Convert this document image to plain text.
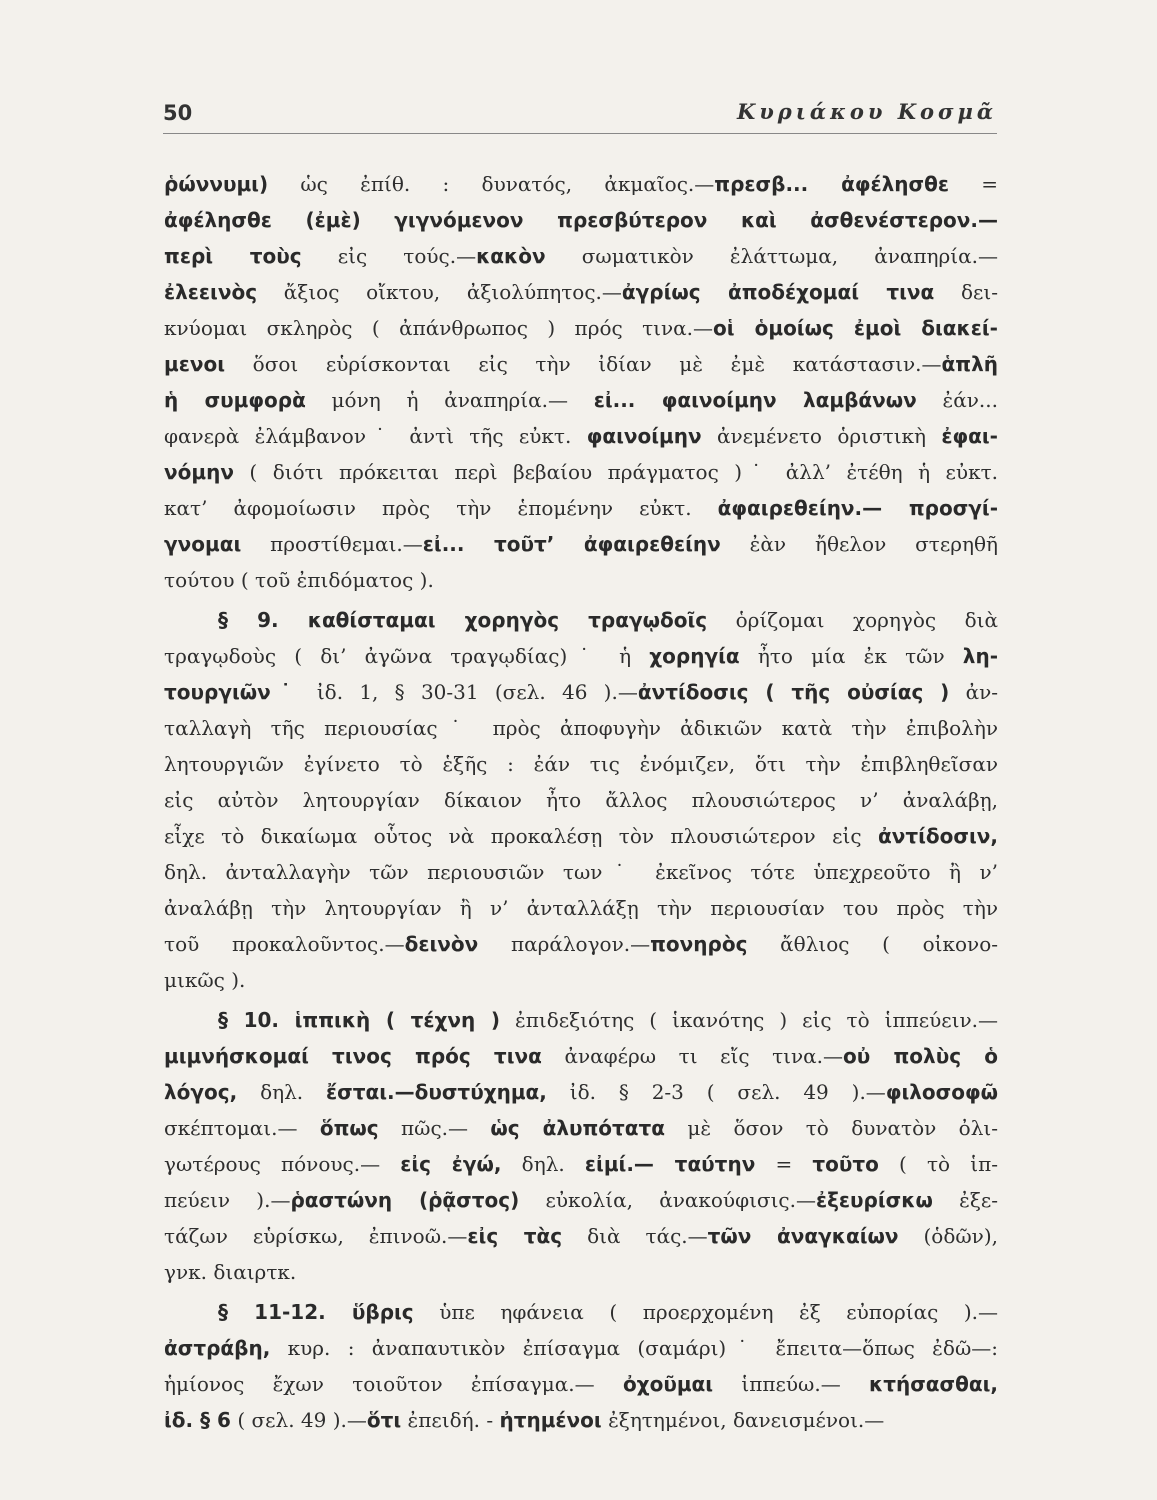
50	Κυριάκου Κοσμᾶ
ῥώννυμι) ὡς ἐπίθ. : δυνατός, ἀκμαῖος.—πρεσβ... ἀφέλησθε =
ἀφέλησθε (ἐμὲ) γιγνόμενον πρεσβύτερον καὶ ἀσθενέστερον.—
περὶ τοὺς εἰς τούς.—κακὸν σωματικὸν ἐλάττωμα, ἀναπηρία.—
ἐλεεινὸς ἄξιος οἴκτου, ἀξιολύπητος.—ἀγρίως ἀποδέχομαί τινα δει-
κνύομαι σκληρὸς ( ἀπάνθρωπος ) πρός τινα.—οἱ ὁμοίως ἐμοὶ διακεί-
μενοι ὅσοι εὑρίσκονται εἰς τὴν ἰδίαν μὲ ἐμὲ κατάστασιν.—ἁπλῆ
ἡ συμφορὰ μόνη ἡ ἀναπηρία.— εἰ... φαινοίμην λαμβάνων ἐάν...
φανερὰ ἐλάμβανον˙ ἀντὶ τῆς εὐκτ. φαινοίμην ἀνεμένετο ὁριστικὴ ἐφαι-
νόμην ( διότι πρόκειται περὶ βεβαίου πράγματος )˙ ἀλλ’ ἐτέθη ἡ εὐκτ.
κατ’ ἀφομοίωσιν πρὸς τὴν ἑπομένην εὐκτ. ἀφαιρεθείην.— προσγί-
γνομαι προστίθεμαι.—εἰ... τοῦτ’ ἀφαιρεθείην ἐὰν ἤθελον στερηθῆ
τούτου ( τοῦ ἐπιδόματος ).
§ 9. καθίσταμαι χορηγὸς τραγῳδοῖς ὁρίζομαι χορηγὸς διὰ
τραγῳδοὺς ( δι’ ἀγῶνα τραγῳδίας)˙ ἡ χορηγία ἦτο μία ἐκ τῶν λη-
τουργιῶν˙ ἰδ. 1, § 30-31 (σελ. 46 ).—ἀντίδοσις ( τῆς οὐσίας ) ἀν-
ταλλαγὴ τῆς περιουσίας˙ πρὸς ἀποφυγὴν ἀδικιῶν κατὰ τὴν ἐπιβολὴν
λητουργιῶν ἐγίνετο τὸ ἑξῆς : ἐάν τις ἐνόμιζεν, ὅτι τὴν ἐπιβληθεῖσαν
εἰς αὐτὸν λητουργίαν δίκαιον ἦτο ἄλλος πλουσιώτερος ν’ ἀναλάβῃ,
εἶχε τὸ δικαίωμα οὗτος νὰ προκαλέσῃ τὸν πλουσιώτερον εἰς ἀντίδοσιν,
δηλ. ἀνταλλαγὴν τῶν περιουσιῶν των˙ ἐκεῖνος τότε ὑπεχρεοῦτο ἢ ν’
ἀναλάβῃ τὴν λητουργίαν ἢ ν’ ἀνταλλάξῃ τὴν περιουσίαν του πρὸς τὴν
τοῦ προκαλοῦντος.—δεινὸν παράλογον.—πονηρὸς ἄθλιος ( οἰκονο-
μικῶς ).
§ 10. ἱππικὴ ( τέχνη ) ἐπιδεξιότης ( ἱκανότης ) εἰς τὸ ἱππεύειν.—
μιμνήσκομαί τινος πρός τινα ἀναφέρω τι εἴς τινα.—οὐ πολὺς ὁ
λόγος, δηλ. ἔσται.—δυστύχημα, ἰδ. § 2-3 ( σελ. 49 ).—φιλοσοφῶ
σκέπτομαι.— ὅπως πῶς.— ὡς ἀλυπότατα μὲ ὅσον τὸ δυνατὸν ὀλι-
γωτέρους πόνους.— εἰς ἐγώ, δηλ. εἰμί.— ταύτην = τοῦτο ( τὸ ἱπ-
πεύειν ).—ῥαστώνη (ῥᾷστος) εὐκολία, ἀνακούφισις.—ἐξευρίσκω ἐξε-
τάζων εὑρίσκω, ἐπινοῶ.—εἰς τὰς διὰ τάς.—τῶν ἀναγκαίων (ὁδῶν),
γνκ. διαιρτκ.
§ 11-12. ὕβρις ὑπε ηφάνεια ( προερχομένη ἐξ εὐπορίας ).—
ἀστράβη, κυρ. : ἀναπαυτικὸν ἐπίσαγμα (σαμάρι)˙ ἔπειτα—ὅπως ἐδῶ—:
ἡμίονος ἔχων τοιοῦτον ἐπίσαγμα.— ὀχοῦμαι ἱππεύω.— κτήσασθαι,
ἰδ. § 6 ( σελ. 49 ).—ὅτι ἐπειδή. - ἠτημένοι ἐξητημένοι, δανεισμένοι.—
